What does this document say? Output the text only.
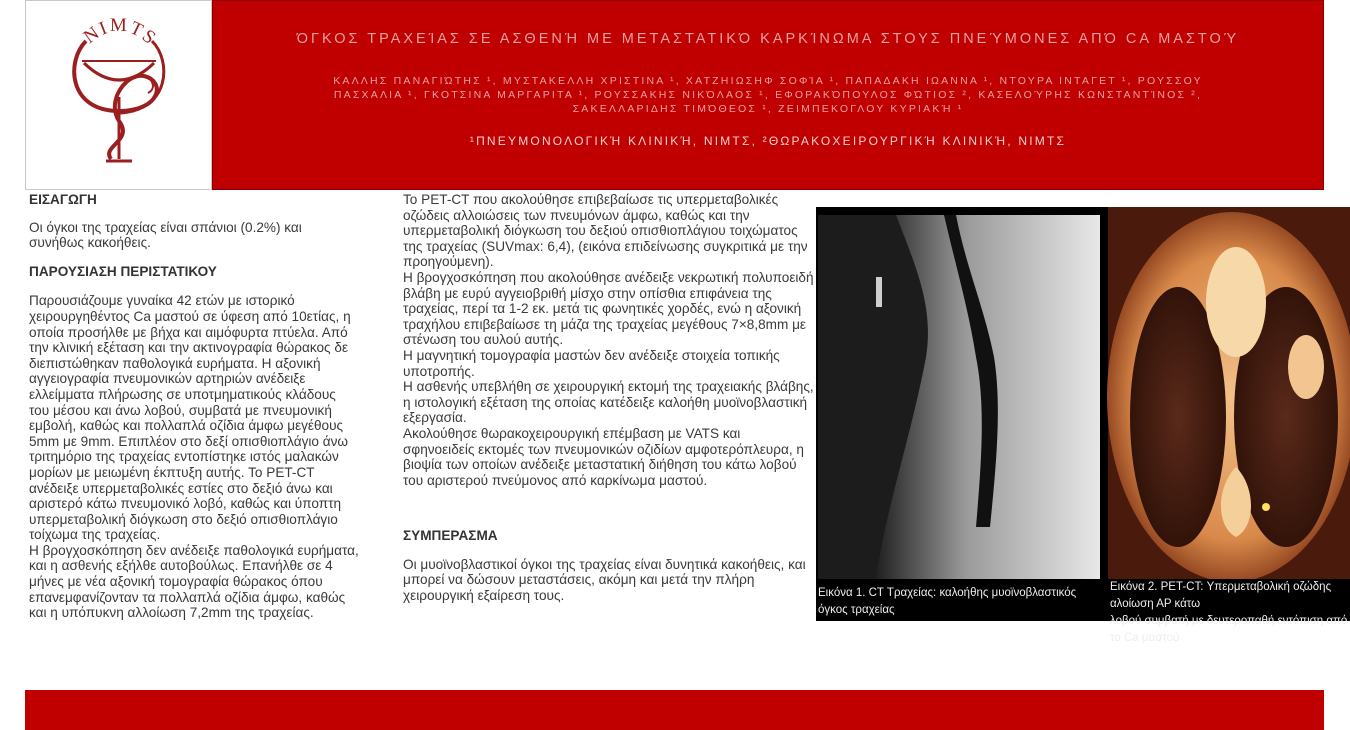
NIMTS	ΌΓΚΟΣ ΤΡΑΧΕΊΑΣ ΣΕ ΑΣΘΕΝΉ ΜΕ ΜΕΤΑΣΤΑΤΙΚΌ ΚΑΡΚΊΝΩΜΑ ΣΤΟΥΣ ΠΝΕΎΜΟΝΕΣ ΑΠΌ CA ΜΑΣΤΟΎ
ΚΑΛΛΗΣ ΠΑΝΑΓΙΏΤΗΣ ¹, ΜΥΣΤΑΚΕΛΛΗ ΧΡΙΣΤΙΝΑ ¹, ΧΑΤΖΗΙΩΣΗΦ ΣΟΦΊΑ ¹, ΠΑΠΑΔΑΚΗ ΙΩΑΝΝΑ ¹, ΝΤΟΥΡΑ ΙΝΤΑΓΕΤ ¹, ΡΟΥΣΣΟΥ
ΠΑΣΧΑΛΙΑ ¹, ΓΚΟΤΣΙΝΑ ΜΑΡΓΑΡΙΤΑ ¹, ΡΟΥΣΣΑΚΗΣ ΝΙΚΌΛΑΟΣ ¹, ΕΦΟΡΑΚΌΠΟΥΛΟΣ ΦΏΤΙΟΣ ², ΚΑΣΕΛΟΎΡΗΣ ΚΩΝΣΤΑΝΤΊΝΟΣ ²,
ΣΑΚΕΛΛΑΡΙΔΗΣ ΤΙΜΌΘΕΟΣ ¹, ΖΕΙΜΠΕΚΟΓΛΟΥ ΚΥΡΙΑΚΉ ¹
¹ΠΝΕΥΜΟΝΟΛΟΓΙΚΉ ΚΛΙΝΙΚΉ, ΝΙΜΤΣ, ²ΘΩΡΑΚΟΧΕΙΡΟΥΡΓΙΚΉ ΚΛΙΝΙΚΉ, ΝΙΜΤΣ

ΕΙΣΑΓΩΓΗ

Οι όγκοι της τραχείας είναι σπάνιοι (0.2%) και συνήθως κακοήθεις.

ΠΑΡΟΥΣΙΑΣΗ ΠΕΡΙΣΤΑΤΙΚΟΥ

Παρουσιάζουμε γυναίκα 42 ετών με ιστορικό χειρουργηθέντος Ca μαστού σε ύφεση από 10ετίας, η οποία προσήλθε με βήχα και αιμόφυρτα πτύελα. Από την κλινική εξέταση και την ακτινογραφία θώρακος δε διεπιστώθηκαν παθολογικά ευρήματα. Η αξονική αγγειογραφία πνευμονικών αρτηριών ανέδειξε ελλείμματα πλήρωσης σε υποτμηματικούς κλάδους του μέσου και άνω λοβού, συμβατά με πνευμονική εμβολή, καθώς και πολλαπλά οζίδια άμφω μεγέθους 5mm με 9mm. Επιπλέον στο δεξί οπισθιοπλάγιο άνω τριτημόριο της τραχείας εντοπίστηκε ιστός μαλακών μορίων με μειωμένη έκπτυξη αυτής. Το PET-CT ανέδειξε υπερμεταβολικές εστίες στο δεξιό άνω και αριστερό κάτω πνευμονικό λοβό, καθώς και ύποπτη υπερμεταβολική διόγκωση στο δεξιό οπισθιοπλάγιο τοίχωμα της τραχείας.

Η βρογχοσκόπηση δεν ανέδειξε παθολογικά ευρήματα, και η ασθενής εξήλθε αυτοβούλως. Επανήλθε σε 4 μήνες με νέα αξονική τομογραφία θώρακος όπου επανεμφανίζονταν τα πολλαπλά οζίδια άμφω, καθώς και η υπόπυκνη αλλοίωση 7,2mm της τραχείας.

Το PET-CT που ακολούθησε επιβεβαίωσε τις υπερμεταβολικές οζώδεις αλλοιώσεις των πνευμόνων άμφω, καθώς και την υπερμεταβολική διόγκωση του δεξιού οπισθιοπλάγιου τοιχώματος της τραχείας (SUVmax: 6,4), (εικόνα επιδείνωσης συγκριτικά με την προηγούμενη).

Η βρογχοσκόπηση που ακολούθησε ανέδειξε νεκρωτική πολυποειδή βλάβη με ευρύ αγγειοβριθή μίσχο στην οπίσθια επιφάνεια της τραχείας, περί τα 1-2 εκ. μετά τις φωνητικές χορδές, ενώ η αξονική τραχήλου επιβεβαίωσε τη μάζα της τραχείας μεγέθους 7×8,8mm με στένωση του αυλού αυτής.

Η μαγνητική τομογραφία μαστών δεν ανέδειξε στοιχεία τοπικής υποτροπής.

Η ασθενής υπεβλήθη σε χειρουργική εκτομή της τραχειακής βλάβης, η ιστολογική εξέταση της οποίας κατέδειξε καλοήθη μυοϊνοβλαστική εξεργασία.

Ακολούθησε θωρακοχειρουργική επέμβαση με VATS και σφηνοειδείς εκτομές των πνευμονικών οζιδίων αμφοτερόπλευρα, η βιοψία των οποίων ανέδειξε μεταστατική διήθηση του κάτω λοβού του αριστερού πνεύμονος από καρκίνωμα μαστού.

ΣΥΜΠΕΡΑΣΜΑ

Οι μυοϊνοβλαστικοί όγκοι της τραχείας είναι δυνητικά κακοήθεις, και μπορεί να δώσουν μεταστάσεις, ακόμη και μετά την πλήρη χειρουργική εξαίρεση τους.	Εικόνα 1. CT Τραχείας: καλοήθης μυοϊνοβλαστικός όγκος τραχείας
Εικόνα 2. PET-CT: Υπερμεταβολική οζώδης αλοίωση ΑΡ κάτω
λοβού συμβατή με δευτεροπαθή εντόπιση από το Ca μαστού
